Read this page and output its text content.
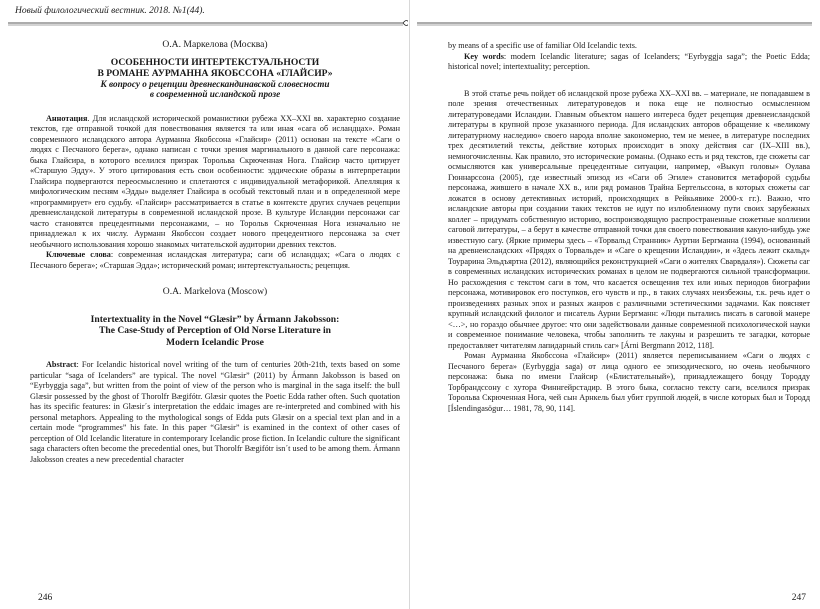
Новый филологический вестник. 2018. №1(44).

О.А. Маркелова (Москва)

ОСОБЕННОСТИ ИНТЕРТЕКСТУАЛЬНОСТИ

В РОМАНЕ АУРМАННА ЯКОБССОНА «ГЛАЙСИР»

К вопросу о рецепции древнескандинавской словесности

в современной исландской прозе

Аннотация. Для исландской исторической романистики рубежа XX–XXI вв. характерно создание текстов, где отправной точкой для повествования является та или иная «сага об исландцах». Роман современного исландского автора Аурманна Якобссона «Глайсир» (2011) основан на тексте «Саги о людях с Песчаного берега», однако написан с точки зрения маргинального в данной саге персонажа: быка Глайсира, в которого вселился призрак Торольва Скрюченная Нога. Глайсир часто цитирует «Старшую Эдду». У этого цитирования есть свои особенности: эддические образы в интерпретации Глайсира подвергаются переосмыслению и сплетаются с индивидуальной метафорикой. Апелляция к мифологическим песням «Эдды» выделяет Глайсира в особый текстовый план и в определенной мере «программирует» его судьбу. «Глайсир» рассматривается в статье в контексте других случаев рецепции древнеисландской литературы в современной исландской прозе. В культуре Исландии персонажи саг часто становятся прецедентными персонажами, – но Торольв Скрюченная Нога изначально не принадлежал к их числу. Аурманн Якобссон создает нового прецедентного персонажа за счет необычного использования хорошо знакомых читательской аудитории древних текстов.

Ключевые слова: современная исландская литература; саги об исландцах; «Сага о людях с Песчаного берега»; «Старшая Эдда»; исторический роман; интертекстуальность; рецепция.

O.A. Markelova (Moscow)

Intertextuality in the Novel “Glæsir” by Ármann Jakobsson:

The Case-Study of Perception of Old Norse Literature in

Modern Icelandic Prose

Abstract: For Icelandic historical novel writing of the turn of centuries 20th-21th, texts based on some particular “saga of Icelanders” are typical. The novel “Glæsir” (2011) by Ármann Jakobsson is based on “Eyrbyggja saga”, but written from the point of view of the person who is marginal in the saga itself: the bull Glæsir possessed by the ghost of Thorolfr Bægifótr. Glæsir quotes the Poetic Edda rather often. Such quotation has its specific features: in Glæsir´s interpretation the eddaic images are re-interpreted and combined with his personal metaphors. Appealing to the mythological songs of Edda puts Glæsir on a special text plan and in a certain mode “programmes” his fate. In this paper “Glæsir” is examined in the context of other cases of perception of Old Icelandic literature in contemporary Icelandic prose fiction. In Icelandic culture the significant saga characters often become the precedential ones, but Thorolfr Bægifótr isn´t used to be among them. Ármann Jakobsson creates a new precedential character

246

by means of a specific use of familiar Old Icelandic texts.

Key words: modern Icelandic literature; sagas of Icelanders; “Eyrbyggja saga”; the Poetic Edda; historical novel; intertextuality; perception.

В этой статье речь пойдет об исландской прозе рубежа XX–XXI вв. – материале, не попадавшем в поле зрения отечественных литературоведов и пока еще не полностью осмысленном литературоведами Исландии. Главным объектом нашего интереса будет рецепция древнеисландской литературы в крупной прозе указанного периода. Для исландских авторов обращение к «великому литературному наследию» своего народа вполне закономерно, тем не менее, в литературе последних трех десятилетий тексты, действие которых происходит в эпоху действия саг (IX–XIII вв.), немногочисленны. Как правило, это исторические романы. (Однако есть и ряд текстов, где сюжеты саг осмысляются как универсальные прецедентные ситуации, например, «Выкуп головы» Оулава Гюннарссона (2005), где известный эпизод из «Саги об Эгиле» становится метафорой судьбы персонажа, жившего в начале XX в., или ряд романов Трайна Бертельссона, в которых сюжеты саг ложатся в основу детективных историй, происходящих в Рейкьявике 2000-х гг.). Важно, что исландские авторы при создании таких текстов не идут по излюбленному пути своих зарубежных коллег – придумать собственную историю, воспроизводящую распространенные сюжетные коллизии саговой литературы, – а берут в качестве отправной точки для своего повествования какую-нибудь уже известную сагу. (Яркие примеры здесь – «Торвальд Странник» Ауртни Бергманна (1994), основанный на древнеисландских «Прядях о Торвальде» и «Саге о крещении Исландии», и «Здесь лежит скальд» Тоурарина Эльдъяртна (2012), являющийся реконструкцией «Саги о жителях Сварвдаля»). Сюжеты саг в современных исландских исторических романах в целом не подвергаются сильной трансформации. Но расхождения с текстом саги в том, что касается освещения тех или иных периодов биографии персонажа, мотивировок его поступков, его чувств и пр., в таких случаях неизбежны, т.к. речь идет о произведениях разных эпох и разных жанров с различными эстетическими задачами. Как поясняет крупный исландский филолог и писатель Аурни Бергманн: «Люди пытались писать в саговой манере <…>, но гораздо обычнее другое: что они задействовали данные современной психологической науки и современное понимание человека, чтобы заполнить те лакуны и разрешить те загадки, которые предоставляет читателям лапидарный стиль саг» [Árni Bergmann 2012, 118].

Роман Аурманна Якобссона «Глайсир» (2011) является переписыванием «Саги о людях с Песчаного берега» (Eyrbyggja saga) от лица одного ее эпизодического, но очень необычного персонажа: быка по имени Глайсир («Блистательный»), принадлежащего бонду Тородду Торбрандссону с хутора Финнгейрстадир. В этого быка, согласно тексту саги, вселился призрак Торольва Скрюченная Нога, чей сын Арнкель был убит группой людей, в числе которых был и Тородд [Íslendingasögur… 1981, 78, 90, 114].

247
